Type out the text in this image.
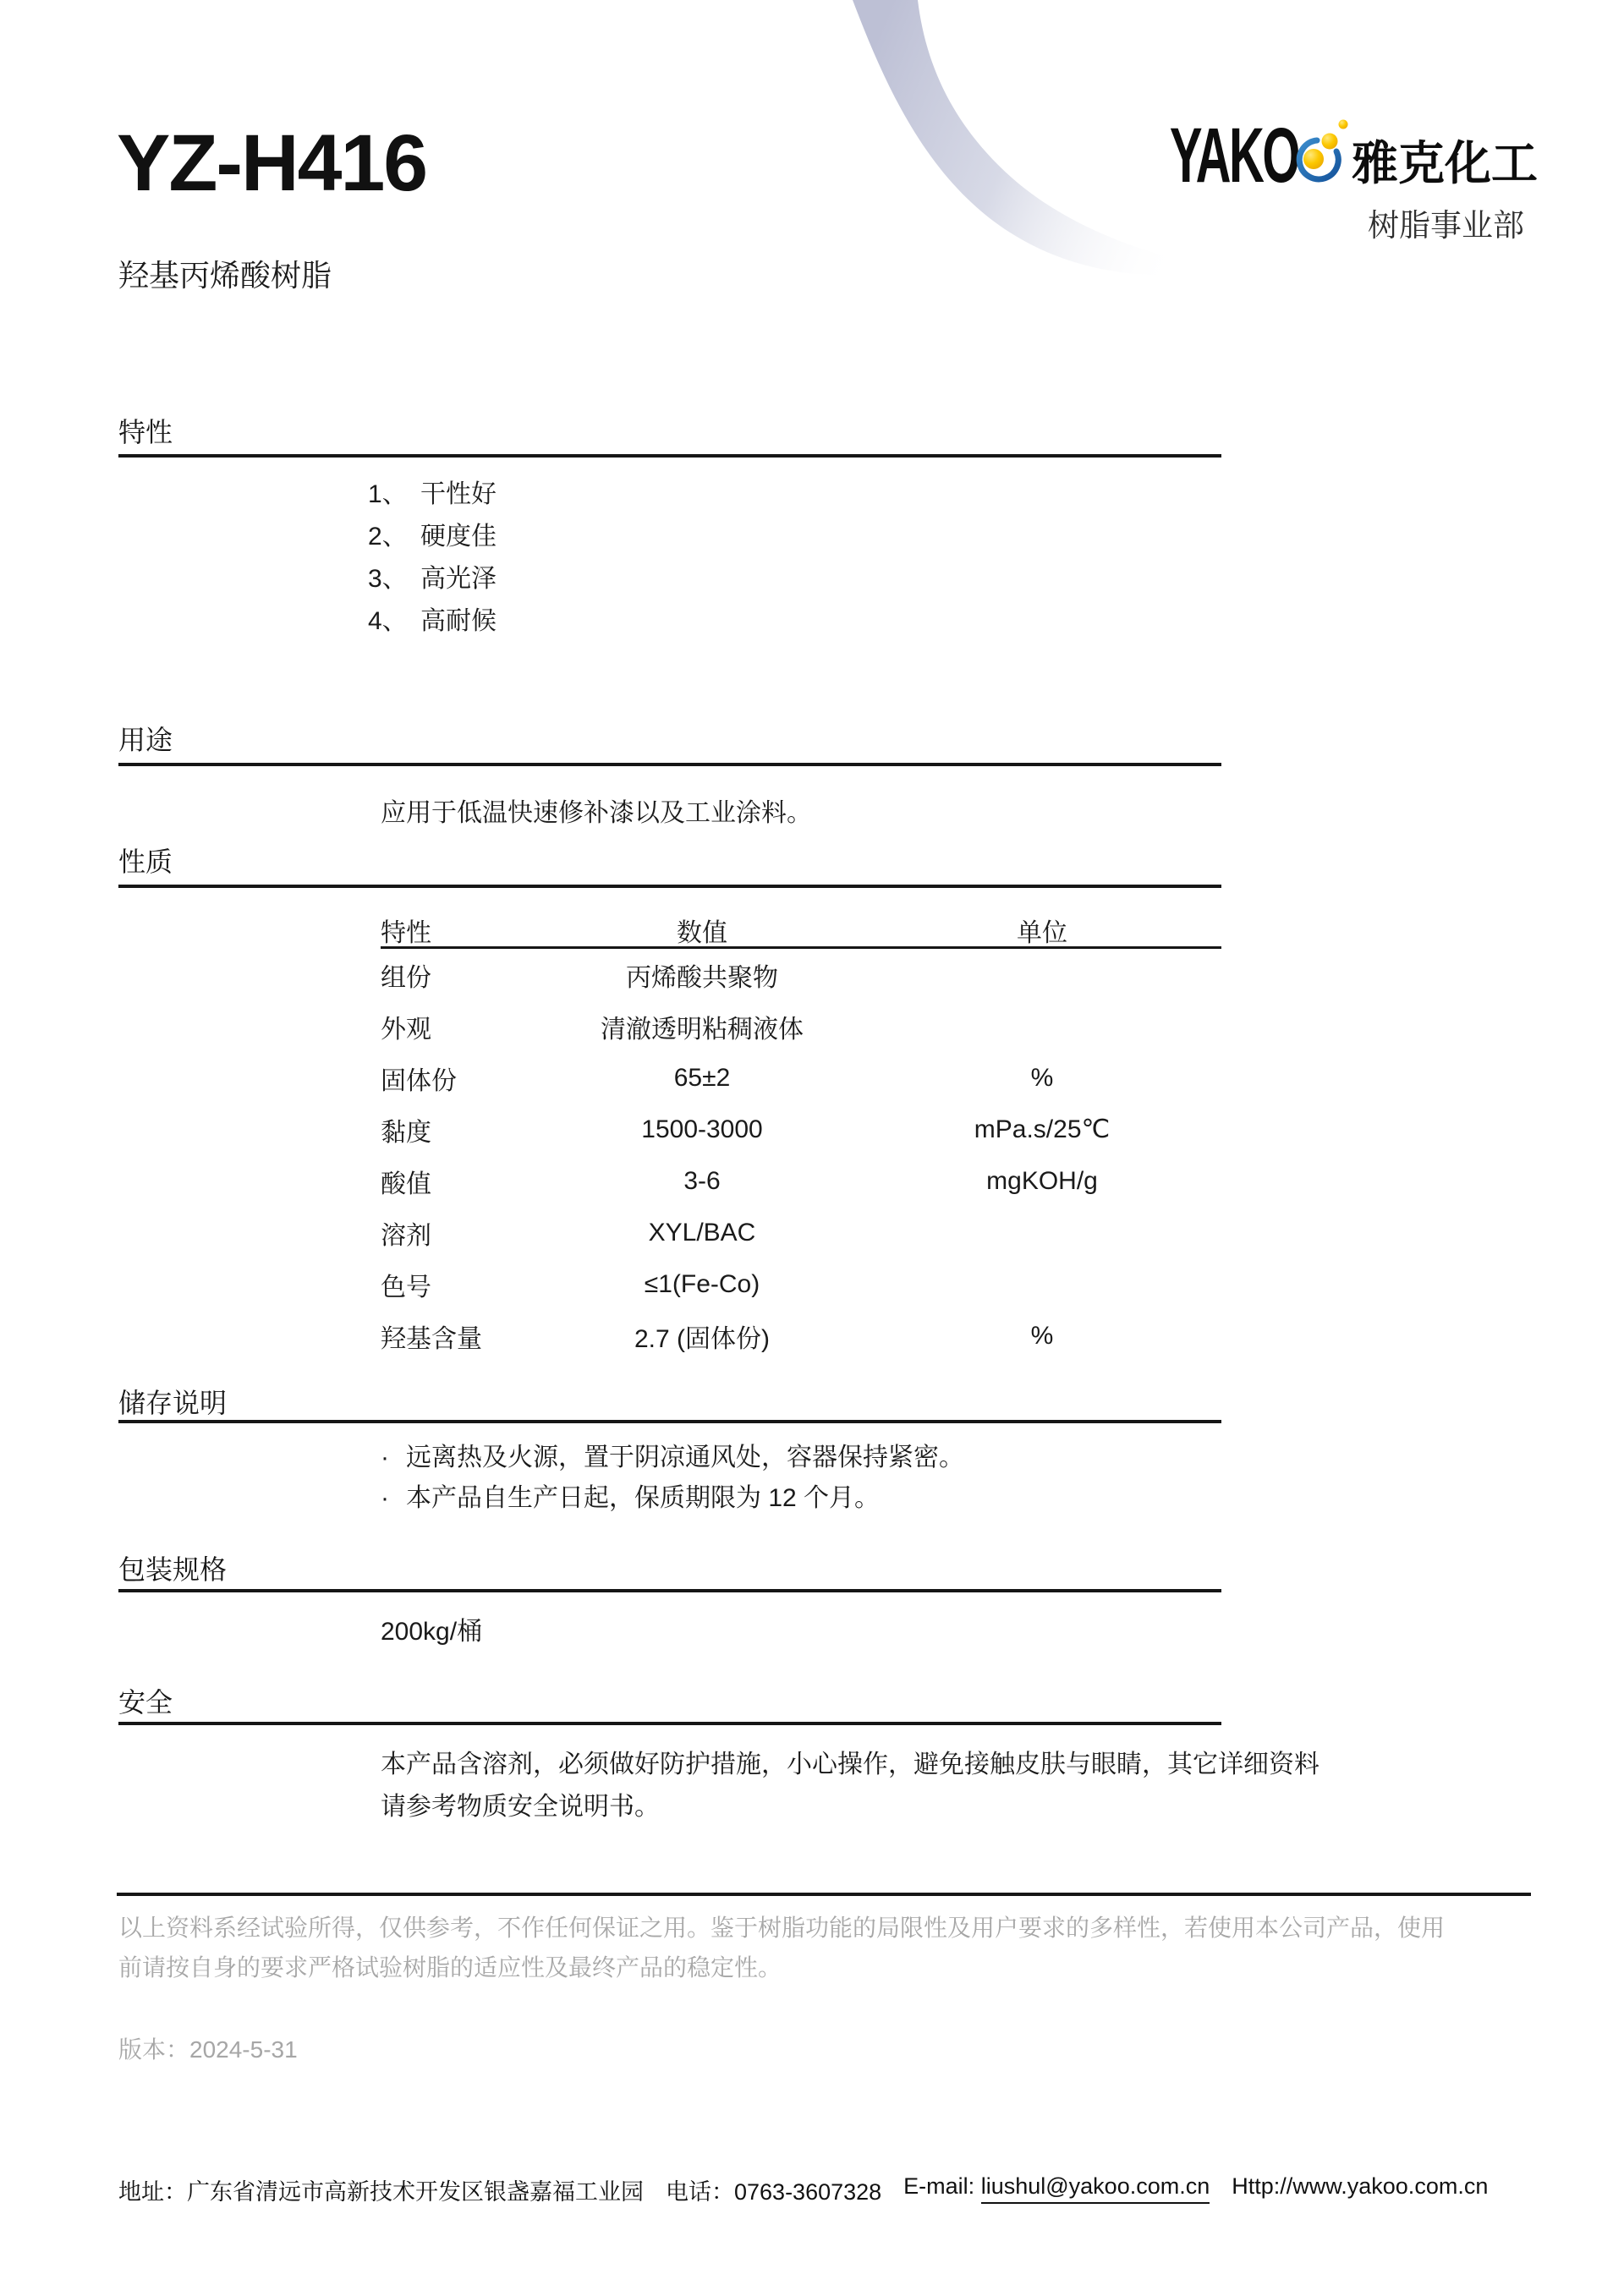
YZ-H416
羟基丙烯酸树脂
YAKO 雅克化工
树脂事业部
特性
1、 干性好
2、 硬度佳
3、 高光泽
4、 高耐候
用途
应用于低温快速修补漆以及工业涂料。
性质
特性	数值	单位
组份	丙烯酸共聚物
外观	清澈透明粘稠液体
固体份	65±2	%
黏度	1500-3000	mPa.s/25℃
酸值	3-6	mgKOH/g
溶剂	XYL/BAC
色号	≤1(Fe-Co)
羟基含量	2.7 (固体份)	%
储存说明
· 远离热及火源，置于阴凉通风处，容器保持紧密。
· 本产品自生产日起，保质期限为 12 个月。
包装规格
200kg/桶
安全
本产品含溶剂，必须做好防护措施，小心操作，避免接触皮肤与眼睛，其它详细资料请参考物质安全说明书。
以上资料系经试验所得，仅供参考，不作任何保证之用。鉴于树脂功能的局限性及用户要求的多样性，若使用本公司产品，使用
前请按自身的要求严格试验树脂的适应性及最终产品的稳定性。
版本：2024-5-31
地址：广东省清远市高新技术开发区银盏嘉福工业园 电话：0763-3607328 E-mail: liushul@yakoo.com.cn Http://www.yakoo.com.cn
